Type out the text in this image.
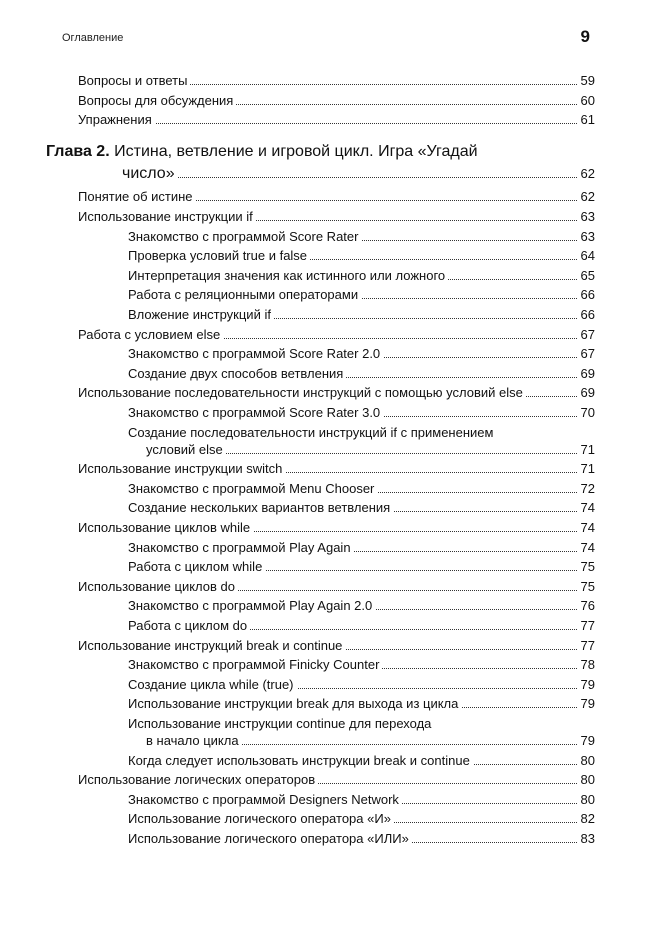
Оглавление	9
Вопросы и ответы	59
Вопросы для обсуждения	60
Упражнения	61
Глава 2. Истина, ветвление и игровой цикл. Игра «Угадай
число»	62
Понятие об истине	62
Использование инструкции if	63
Знакомство с программой Score Rater	63
Проверка условий true и false	64
Интерпретация значения как истинного или ложного	65
Работа с реляционными операторами	66
Вложение инструкций if	66
Работа с условием else	67
Знакомство с программой Score Rater 2.0	67
Создание двух способов ветвления	69
Использование последовательности инструкций с помощью условий else	69
Знакомство с программой Score Rater 3.0	70
Создание последовательности инструкций if с применением
условий else	71
Использование инструкции switch	71
Знакомство с программой Menu Chooser	72
Создание нескольких вариантов ветвления	74
Использование циклов while	74
Знакомство с программой Play Again	74
Работа с циклом while	75
Использование циклов do	75
Знакомство с программой Play Again 2.0	76
Работа с циклом do	77
Использование инструкций break и continue	77
Знакомство с программой Finicky Counter	78
Создание цикла while (true)	79
Использование инструкции break для выхода из цикла	79
Использование инструкции continue для перехода
в начало цикла	79
Когда следует использовать инструкции break и continue	80
Использование логических операторов	80
Знакомство с программой Designers Network	80
Использование логического оператора «И»	82
Использование логического оператора «ИЛИ»	83
